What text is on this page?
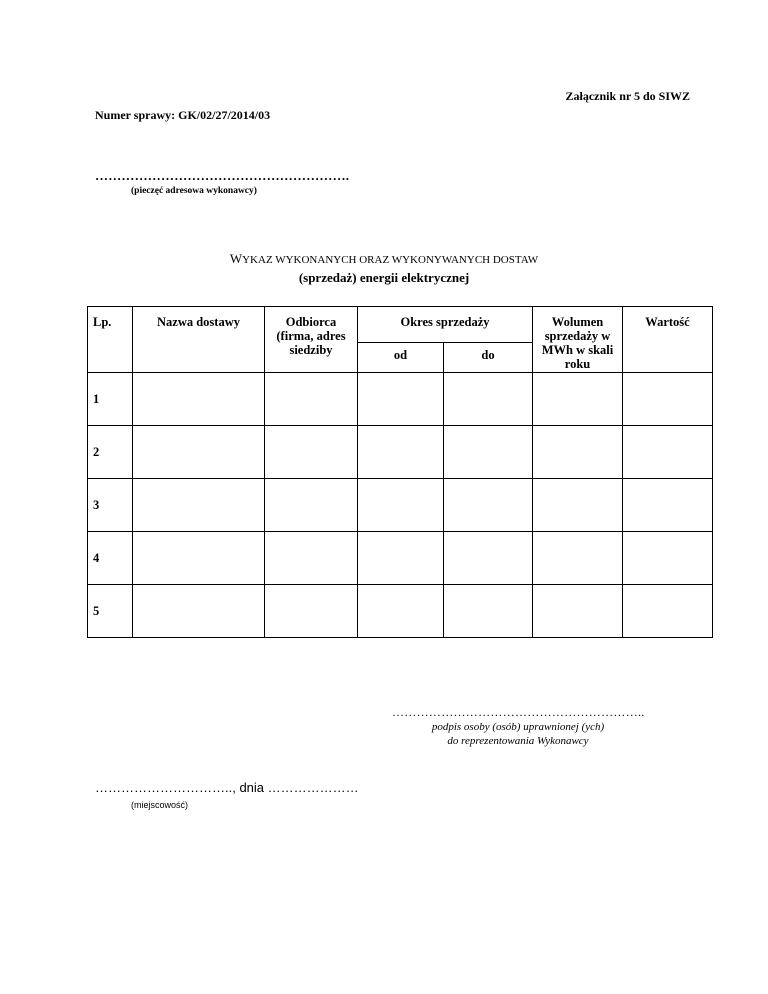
Załącznik nr 5 do SIWZ
Numer sprawy: GK/02/27/2014/03
………………………………………………….
(pieczęć adresowa wykonawcy)
WYKAZ WYKONANYCH ORAZ WYKONYWANYCH DOSTAW
(sprzedaż) energii elektrycznej
Lp.	Nazwa dostawy	Odbiorca (firma, adres siedziby	Okres sprzedaży		Wolumen sprzedaży w MWh w skali roku	Wartość
			od	do		
1						
2						
3						
4						
5						
……………………………………………………..
podpis osoby (osób) uprawnionej (ych)
do reprezentowania Wykonawcy
………………………….., dnia …………………
(miejscowość)
